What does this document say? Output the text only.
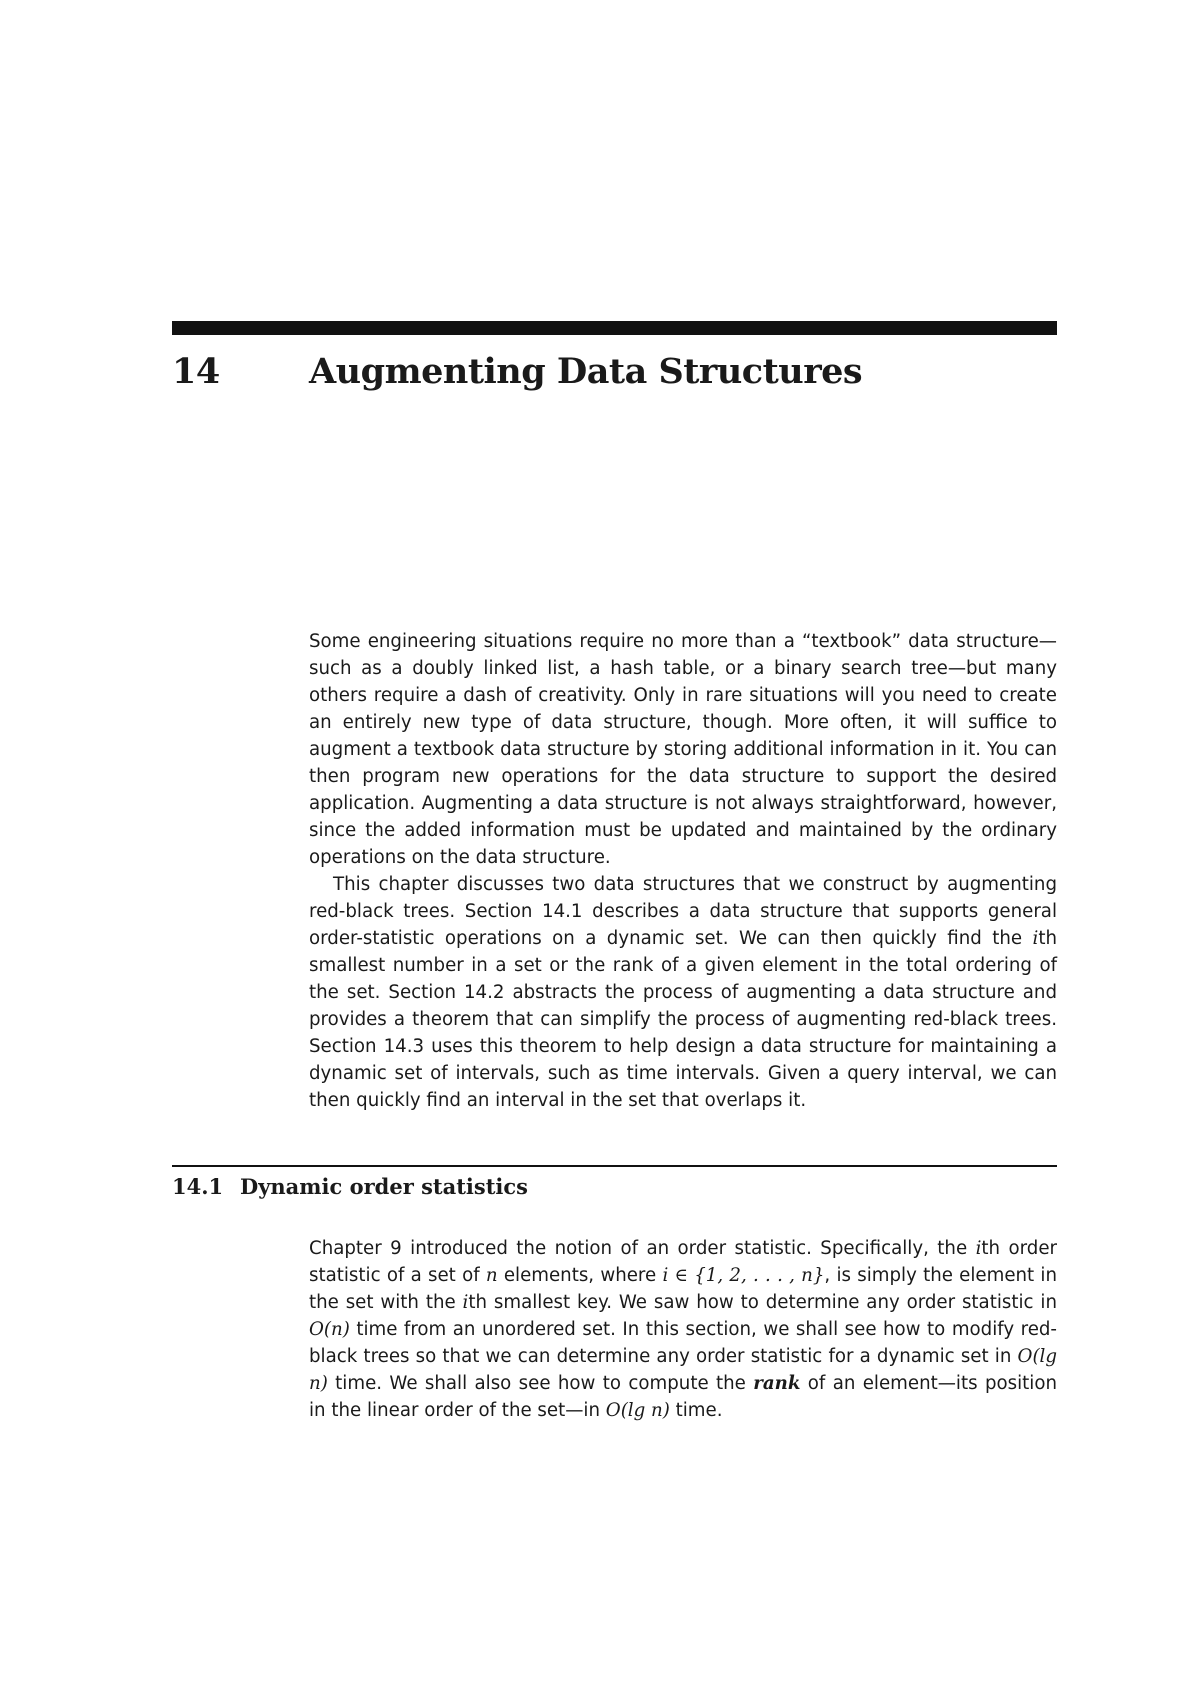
14	Augmenting Data Structures

Some engineering situations require no more than a “textbook” data structure—such as a doubly linked list, a hash table, or a binary search tree—but many others require a dash of creativity. Only in rare situations will you need to create an entirely new type of data structure, though. More often, it will suffice to augment a textbook data structure by storing additional information in it. You can then program new operations for the data structure to support the desired application. Augmenting a data structure is not always straightforward, however, since the added information must be updated and maintained by the ordinary operations on the data structure.

This chapter discusses two data structures that we construct by augmenting red-black trees. Section 14.1 describes a data structure that supports general order-statistic operations on a dynamic set. We can then quickly find the ith smallest number in a set or the rank of a given element in the total ordering of the set. Section 14.2 abstracts the process of augmenting a data structure and provides a theorem that can simplify the process of augmenting red-black trees. Section 14.3 uses this theorem to help design a data structure for maintaining a dynamic set of intervals, such as time intervals. Given a query interval, we can then quickly find an interval in the set that overlaps it.

14.1 Dynamic order statistics

Chapter 9 introduced the notion of an order statistic. Specifically, the ith order statistic of a set of n elements, where i ∈ {1, 2, . . . , n}, is simply the element in the set with the ith smallest key. We saw how to determine any order statistic in O(n) time from an unordered set. In this section, we shall see how to modify red-black trees so that we can determine any order statistic for a dynamic set in O(lg n) time. We shall also see how to compute the rank of an element—its position in the linear order of the set—in O(lg n) time.
